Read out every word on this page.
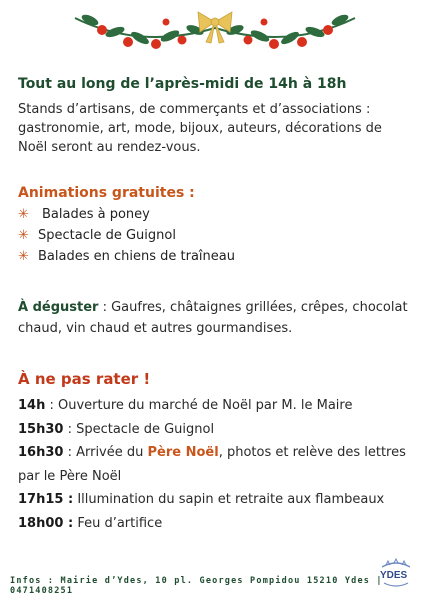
Tout au long de l’après-midi de 14h à 18h
Stands d’artisans, de commerçants et d’associations : gastronomie, art, mode, bijoux, auteurs, décorations de Noël seront au rendez-vous.
Animations gratuites :
✳	Balades à poney
✳ Spectacle de Guignol
✳ Balades en chiens de traîneau
À déguster : Gaufres, châtaignes grillées, crêpes, chocolat chaud, vin chaud et autres gourmandises.
À ne pas rater !
14h : Ouverture du marché de Noël par M. le Maire
15h30 : Spectacle de Guignol
16h30 : Arrivée du Père Noël, photos et relève des lettres par le Père Noël
17h15 : Illumination du sapin et retraite aux flambeaux
18h00 : Feu d’artifice
Infos : Mairie d’Ydes, 10 pl. Georges Pompidou 15210 Ydes | 0471408251
YDES
